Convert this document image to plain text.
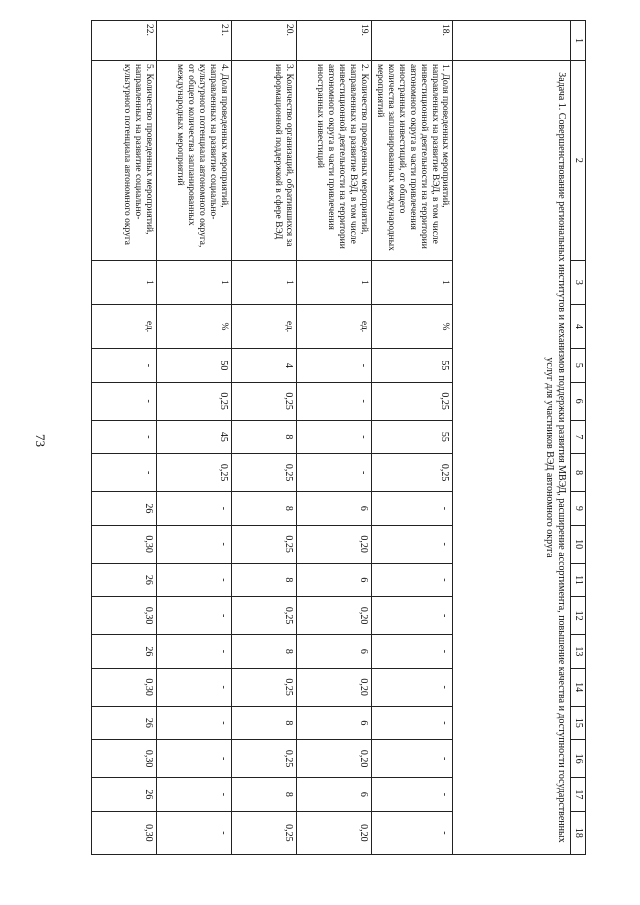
73
1	2	3	4	5	6	7	8	9	10	11	12	13	14	15	16	17	18
	Задача 1. Совершенствование региональных институтов и механизмов поддержки развития МВЭД, расширение ассортимента, повышение качества и доступности государственных услуг для участников ВЭД автономного округа																
18.	1. Доля проведенных мероприятий, направленных на развитие ВЭД, в том числе инвестиционной деятельности на территории автономного округа в части привлечения иностранных инвестиций, от общего количества запланированных международных мероприятий	1	%	55	0,25	55	0,25	-	-	-	-	-	-	-	-	-	-
19.	2. Количество проведенных мероприятий, направленных на развитие ВЭД, в том числе инвестиционной деятельности на территории автономного округа в части привлечения иностранных инвестиций	1	ед.	-	-	-	-	6	0,20	6	0,20	6	0,20	6	0,20	6	0,20
20.	3. Количество организаций, обратившихся за информационной поддержкой в сфере ВЭД	1	ед.	4	0,25	8	0,25	8	0,25	8	0,25	8	0,25	8	0,25	8	0,25
21.	4. Доля проведенных мероприятий, направленных на развитие социально-культурного потенциала автономного округа, от общего количества запланированных международных мероприятий	1	%	50	0,25	45	0,25	-	-	-	-	-	-	-	-	-	-
22.	5. Количество проведенных мероприятий, направленных на развитие социально-культурного потенциала автономного округа	1	ед.	-	-	-	-	26	0,30	26	0,30	26	0,30	26	0,30	26	0,30
